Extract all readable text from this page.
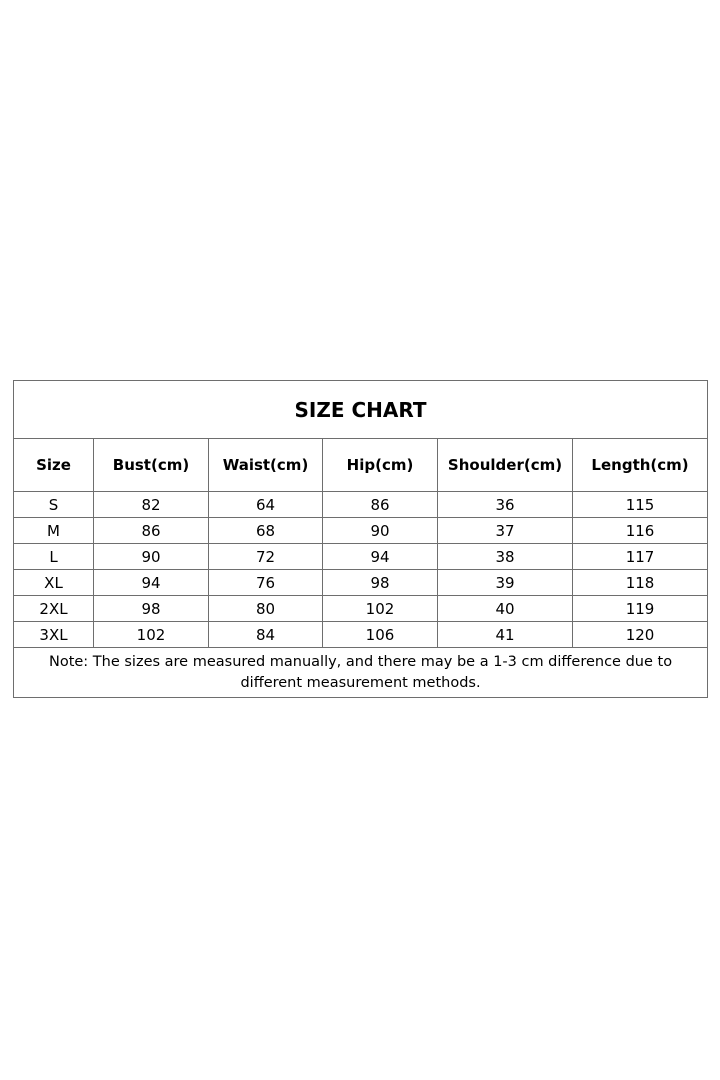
SIZE CHART					
Size	Bust(cm)	Waist(cm)	Hip(cm)	Shoulder(cm)	Length(cm)
S	82	64	86	36	115
M	86	68	90	37	116
L	90	72	94	38	117
XL	94	76	98	39	118
2XL	98	80	102	40	119
3XL	102	84	106	41	120
Note: The sizes are measured manually, and there may be a 1-3 cm difference due to different measurement methods.					
